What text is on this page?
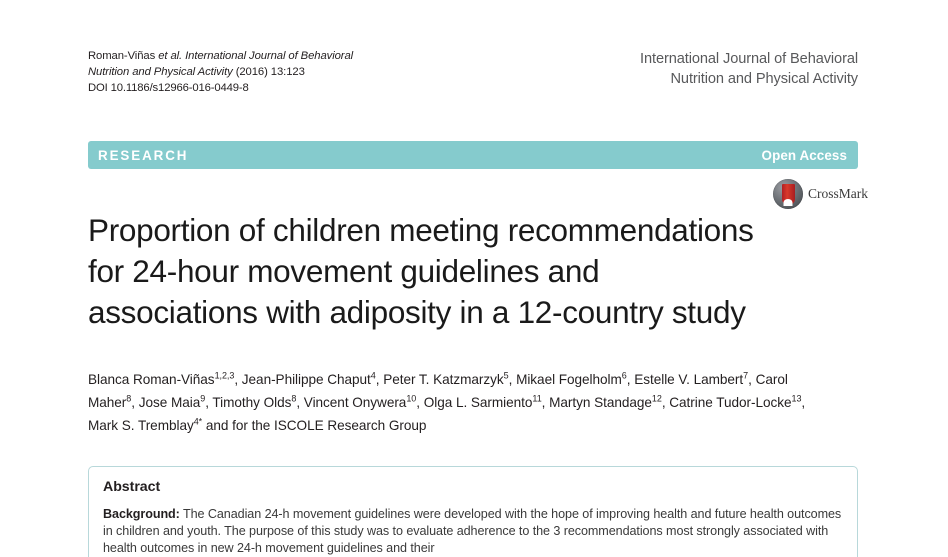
Roman-Viñas et al. International Journal of Behavioral
Nutrition and Physical Activity (2016) 13:123
DOI 10.1186/s12966-016-0449-8
International Journal of Behavioral
Nutrition and Physical Activity
RESEARCH	Open Access
CrossMark
Proportion of children meeting recommendations for 24-hour movement guidelines and associations with adiposity in a 12-country study
Blanca Roman-Viñas$^{1,2,3}$, Jean-Philippe Chaput$^4$, Peter T. Katzmarzyk$^5$, Mikael Fogelholm$^6$, Estelle V. Lambert$^7$, Carol Maher$^8$, Jose Maia$^9$, Timothy Olds$^8$, Vincent Onywera$^{10}$, Olga L. Sarmiento$^{11}$, Martyn Standage$^{12}$, Catrine Tudor-Locke$^{13}$, Mark S. Tremblay$^{4*}$ and for the ISCOLE Research Group
Abstract
Background: The Canadian 24-h movement guidelines were developed with the hope of improving health and future health outcomes in children and youth. The purpose of this study was to evaluate adherence to the 3 recommendations most strongly associated with health outcomes in new 24-h movement guidelines and their
